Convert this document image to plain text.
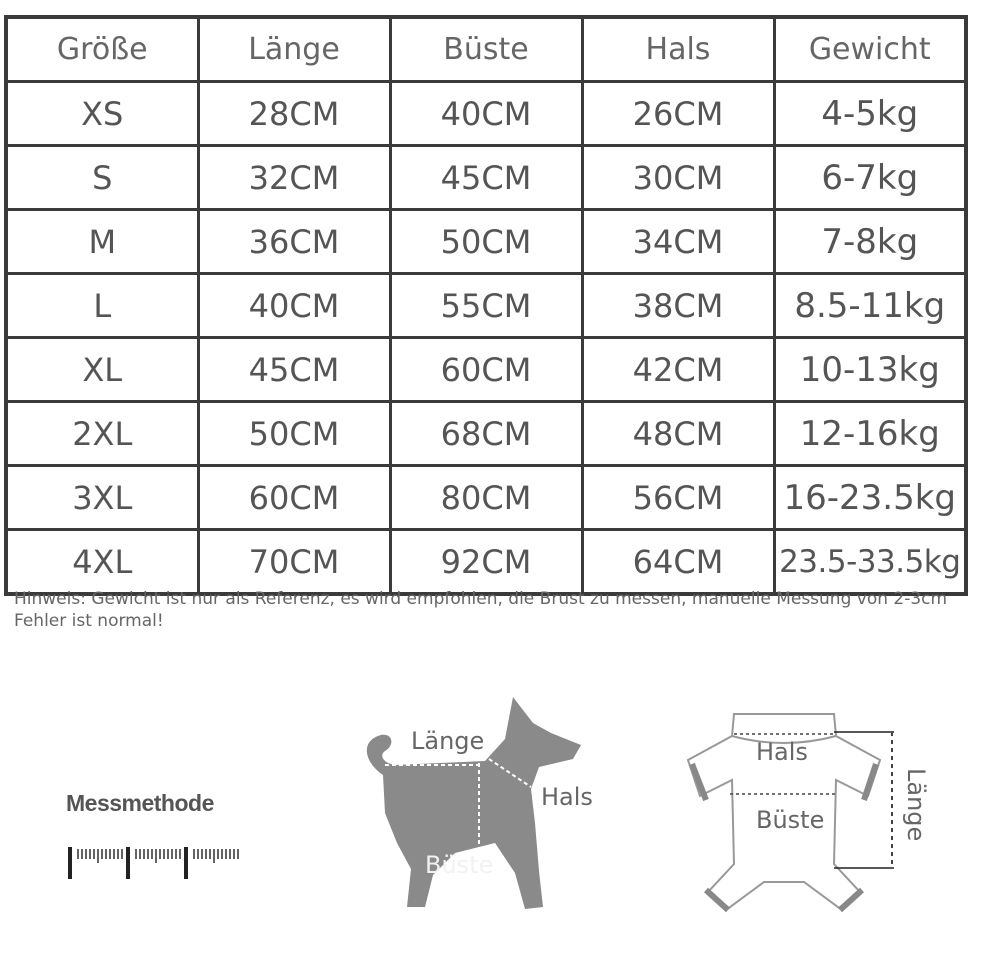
Größe	Länge	Büste	Hals	Gewicht
XS	28CM	40CM	26CM	4-5kg
S	32CM	45CM	30CM	6-7kg
M	36CM	50CM	34CM	7-8kg
L	40CM	55CM	38CM	8.5-11kg
XL	45CM	60CM	42CM	10-13kg
2XL	50CM	68CM	48CM	12-16kg
3XL	60CM	80CM	56CM	16-23.5kg
4XL	70CM	92CM	64CM	23.5-33.5kg
Hinweis: Gewicht ist nur als Referenz, es wird empfohlen, die Brust zu messen, manuelle Messung von 2-3cm Fehler ist normal!
Messmethode
Länge
Hals
Büste
Hals
Büste	Länge
